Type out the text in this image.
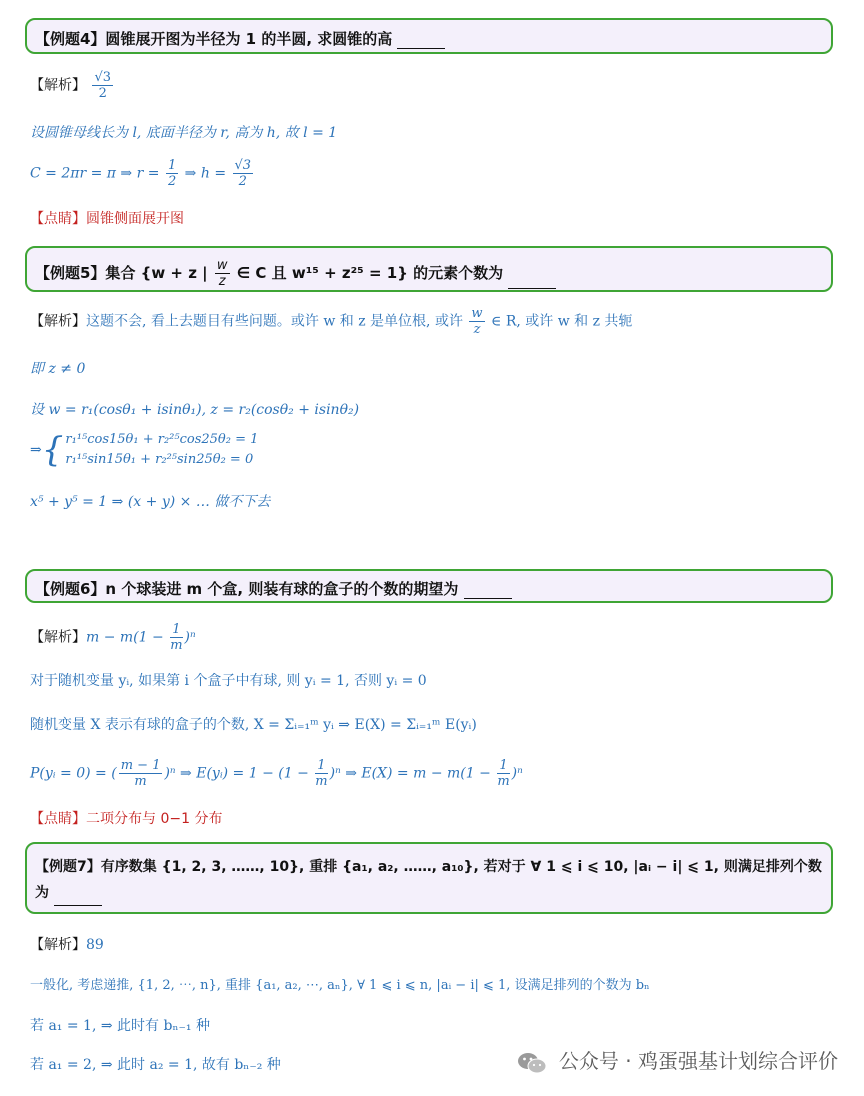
【例题4】圆锥展开图为半径为 1 的半圆, 求圆锥的高
【解析】 $\frac{√3}{2}$
设圆锥母线长为 l, 底面半径为 r, 高为 h, 故 l = 1
C = 2πr = π ⇒ $r = \frac{1}{2}$ ⇒ $h = \frac{√3}{2}$
【点睛】圆锥侧面展开图
【例题5】集合 {w + z | $\frac{w}{z}$ ∈ C 且 w¹⁵ + z²⁵ = 1} 的元素个数为
【解析】这题不会, 看上去题目有些问题。或许 w 和 z 是单位根, 或许 $\frac{w}{z}$ ∈ R, 或许 w 和 z 共轭
即 z ≠ 0
设 w = r₁(cosθ₁ + isinθ₁), z = r₂(cosθ₂ + isinθ₂)
⇒{ r₁¹⁵cos15θ₁ + r₂²⁵cos25θ₂ = 1
r₁¹⁵sin15θ₁ + r₂²⁵sin25θ₂ = 0
x⁵ + y⁵ = 1 ⇒ (x + y) × … 做不下去
【例题6】n 个球装进 m 个盒, 则装有球的盒子的个数的期望为
【解析】$m - m(1 - \frac{1}{m} )^n$
对于随机变量 yᵢ, 如果第 i 个盒子中有球, 则 yᵢ = 1, 否则 yᵢ = 0
随机变量 X 表示有球的盒子的个数, X = Σᵢ₌₁ᵐ yᵢ ⇒ E(X) = Σᵢ₌₁ᵐ E(yᵢ)
P(yᵢ = 0) = ( $\frac{m - 1}{m} )^n$ ⇒ E(yᵢ) = $1 - (1 - \frac{1}{m} )^n$ ⇒ $E(X) = m - m(1 - \frac{1}{m} )^n$
【点睛】二项分布与 0−1 分布
【例题7】有序数集 {1, 2, 3, ……, 10}, 重排 {a₁, a₂, ……, a₁₀}, 若对于 ∀ 1 ⩽ i ⩽ 10, |aᵢ − i| ⩽ 1, 则满足排列个数为
【解析】89
一般化, 考虑递推, {1, 2, ⋯, n}, 重排 {a₁, a₂, ⋯, aₙ}, ∀ 1 ⩽ i ⩽ n, |aᵢ − i| ⩽ 1, 设满足排列的个数为 bₙ
若 a₁ = 1, ⇒ 此时有 bₙ₋₁ 种
若 a₁ = 2, ⇒ 此时 a₂ = 1, 故有 bₙ₋₂ 种	公众号 · 鸡蛋强基计划综合评价
